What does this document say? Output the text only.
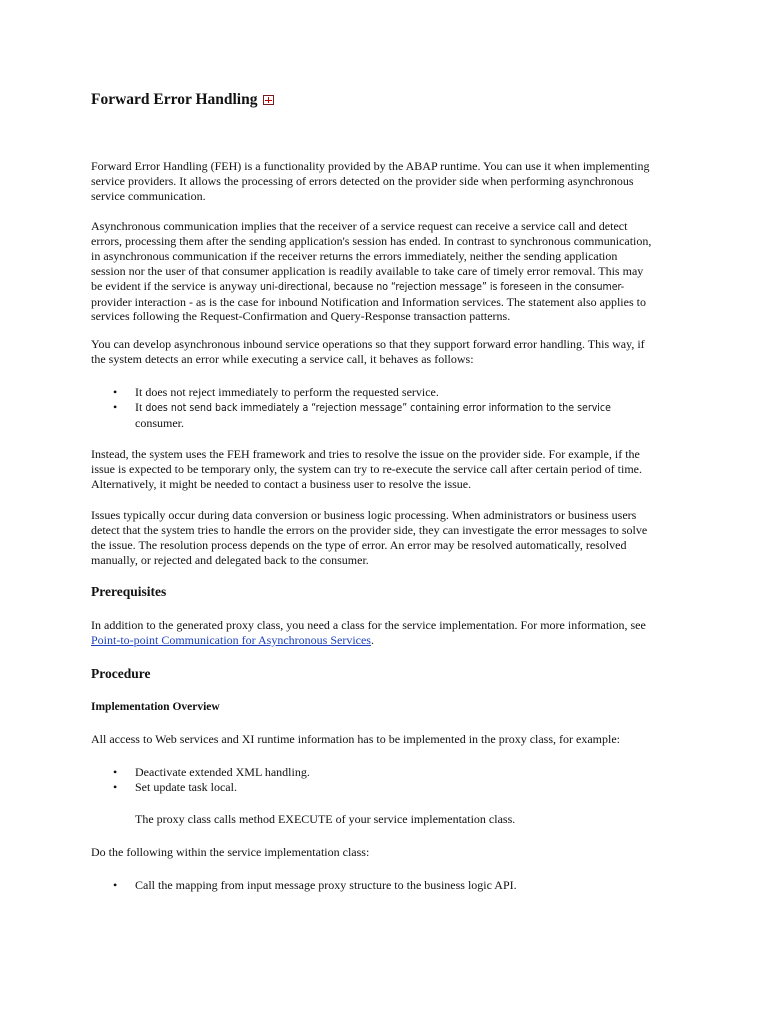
Forward Error Handling

Forward Error Handling (FEH) is a functionality provided by the ABAP runtime. You can use it when implementing
service providers. It allows the processing of errors detected on the provider side when performing asynchronous
service communication.

Asynchronous communication implies that the receiver of a service request can receive a service call and detect
errors, processing them after the sending application's session has ended. In contrast to synchronous communication,
in asynchronous communication if the receiver returns the errors immediately, neither the sending application
session nor the user of that consumer application is readily available to take care of timely error removal. This may
be evident if the service is anyway uni-directional, because no “rejection message” is foreseen in the consumer-
provider interaction - as is the case for inbound Notification and Information services. The statement also applies to
services following the Request-Confirmation and Query-Response transaction patterns.

You can develop asynchronous inbound service operations so that they support forward error handling. This way, if
the system detects an error while executing a service call, it behaves as follows:

• It does not reject immediately to perform the requested service.
• It does not send back immediately a “rejection message” containing error information to the service
consumer.

Instead, the system uses the FEH framework and tries to resolve the issue on the provider side. For example, if the
issue is expected to be temporary only, the system can try to re-execute the service call after certain period of time.
Alternatively, it might be needed to contact a business user to resolve the issue.

Issues typically occur during data conversion or business logic processing. When administrators or business users
detect that the system tries to handle the errors on the provider side, they can investigate the error messages to solve
the issue. The resolution process depends on the type of error. An error may be resolved automatically, resolved
manually, or rejected and delegated back to the consumer.

Prerequisites

In addition to the generated proxy class, you need a class for the service implementation. For more information, see
Point-to-point Communication for Asynchronous Services.

Procedure
Implementation Overview

All access to Web services and XI runtime information has to be implemented in the proxy class, for example:

• Deactivate extended XML handling.
• Set update task local.

The proxy class calls method EXECUTE of your service implementation class.

Do the following within the service implementation class:

• Call the mapping from input message proxy structure to the business logic API.
